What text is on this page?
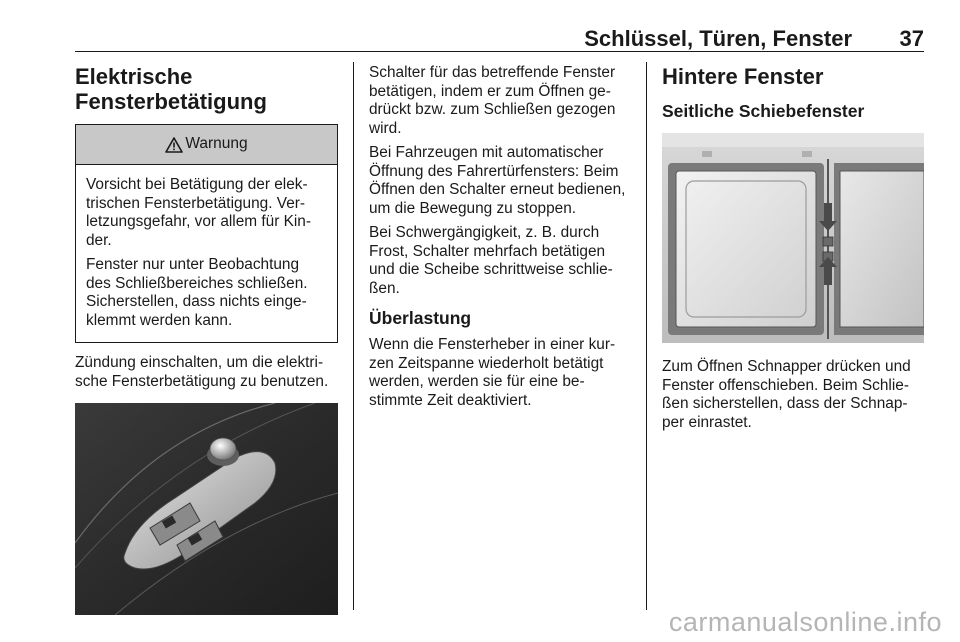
Schlüssel, Türen, Fenster 37
Elektrische
Fensterbetätigung
Warnung

Vorsicht bei Betätigung der elek-trischen Fensterbetätigung. Ver-letzungsgefahr, vor allem für Kin-der.

Fenster nur unter Beobachtung des Schließbereiches schließen. Sicherstellen, dass nichts einge-klemmt werden kann.

Zündung einschalten, um die elektri-sche Fensterbetätigung zu benutzen.

Schalter für das betreffende Fenster betätigen, indem er zum Öffnen ge-drückt bzw. zum Schließen gezogen wird.

Bei Fahrzeugen mit automatischer Öffnung des Fahrertürfensters: Beim Öffnen den Schalter erneut bedienen, um die Bewegung zu stoppen.

Bei Schwergängigkeit, z. B. durch Frost, Schalter mehrfach betätigen und die Scheibe schrittweise schlie-ßen.

Überlastung

Wenn die Fensterheber in einer kur-zen Zeitspanne wiederholt betätigt werden, werden sie für eine be-stimmte Zeit deaktiviert.

Hintere Fenster
Seitliche Schiebefenster

Zum Öffnen Schnapper drücken und Fenster offenschieben. Beim Schlie-ßen sicherstellen, dass der Schnap-per einrastet.

carmanualsonline.info
